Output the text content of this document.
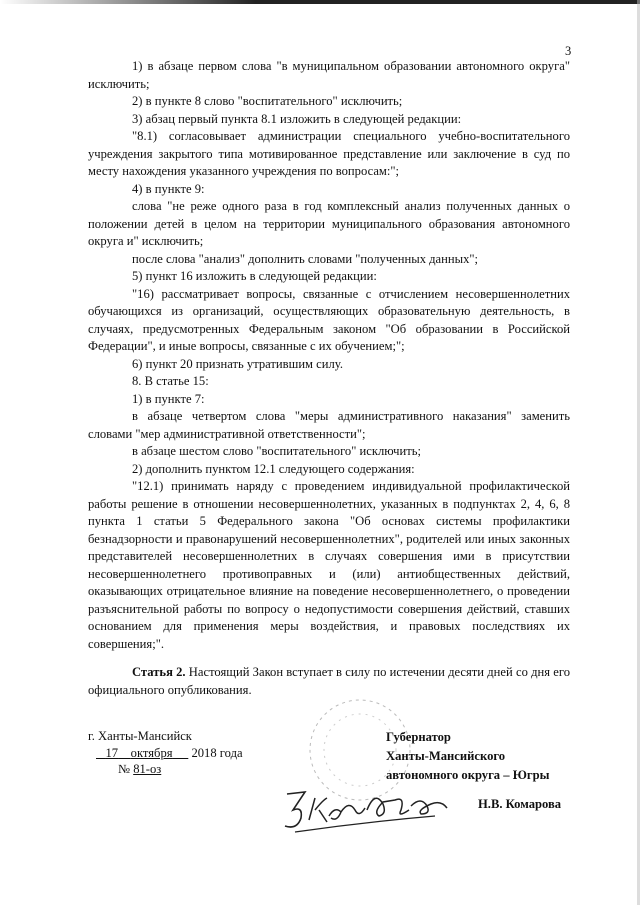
3

1) в абзаце первом слова "в муниципальном образовании автономного округа" исключить;

2) в пункте 8 слово "воспитательного" исключить;

3) абзац первый пункта 8.1 изложить в следующей редакции:

"8.1) согласовывает администрации специального учебно-воспитательного учреждения закрытого типа мотивированное представление или заключение в суд по месту нахождения указанного учреждения по вопросам:";

4) в пункте 9:

слова "не реже одного раза в год комплексный анализ полученных данных о положении детей в целом на территории муниципального образования автономного округа и" исключить;

после слова "анализ" дополнить словами "полученных данных";

5) пункт 16 изложить в следующей редакции:

"16) рассматривает вопросы, связанные с отчислением несовершеннолетних обучающихся из организаций, осуществляющих образовательную деятельность, в случаях, предусмотренных Федеральным законом "Об образовании в Российской Федерации", и иные вопросы, связанные с их обучением;";

6) пункт 20 признать утратившим силу.

8. В статье 15:

1) в пункте 7:

в абзаце четвертом слова "меры административного наказания" заменить словами "мер административной ответственности";

в абзаце шестом слово "воспитательного" исключить;

2) дополнить пунктом 12.1 следующего содержания:

"12.1) принимать наряду с проведением индивидуальной профилактической работы решение в отношении несовершеннолетних, указанных в подпунктах 2, 4, 6, 8 пункта 1 статьи 5 Федерального закона "Об основах системы профилактики безнадзорности и правонарушений несовершеннолетних", родителей или иных законных представителей несовершеннолетних в случаях совершения ими в присутствии несовершеннолетнего противоправных и (или) антиобщественных действий, оказывающих отрицательное влияние на поведение несовершеннолетнего, о проведении разъяснительной работы по вопросу о недопустимости совершения действий, ставших основанием для применения меры воздействия, и правовых последствиях их совершения;".

Статья 2. Настоящий Закон вступает в силу по истечении десяти дней со дня его официального опубликования.

г. Ханты-Мансийск
17 октября 2018 года
№ 81-оз
Губернатор
Ханты-Мансийского
автономного округа – Югры
Н.В. Комарова
